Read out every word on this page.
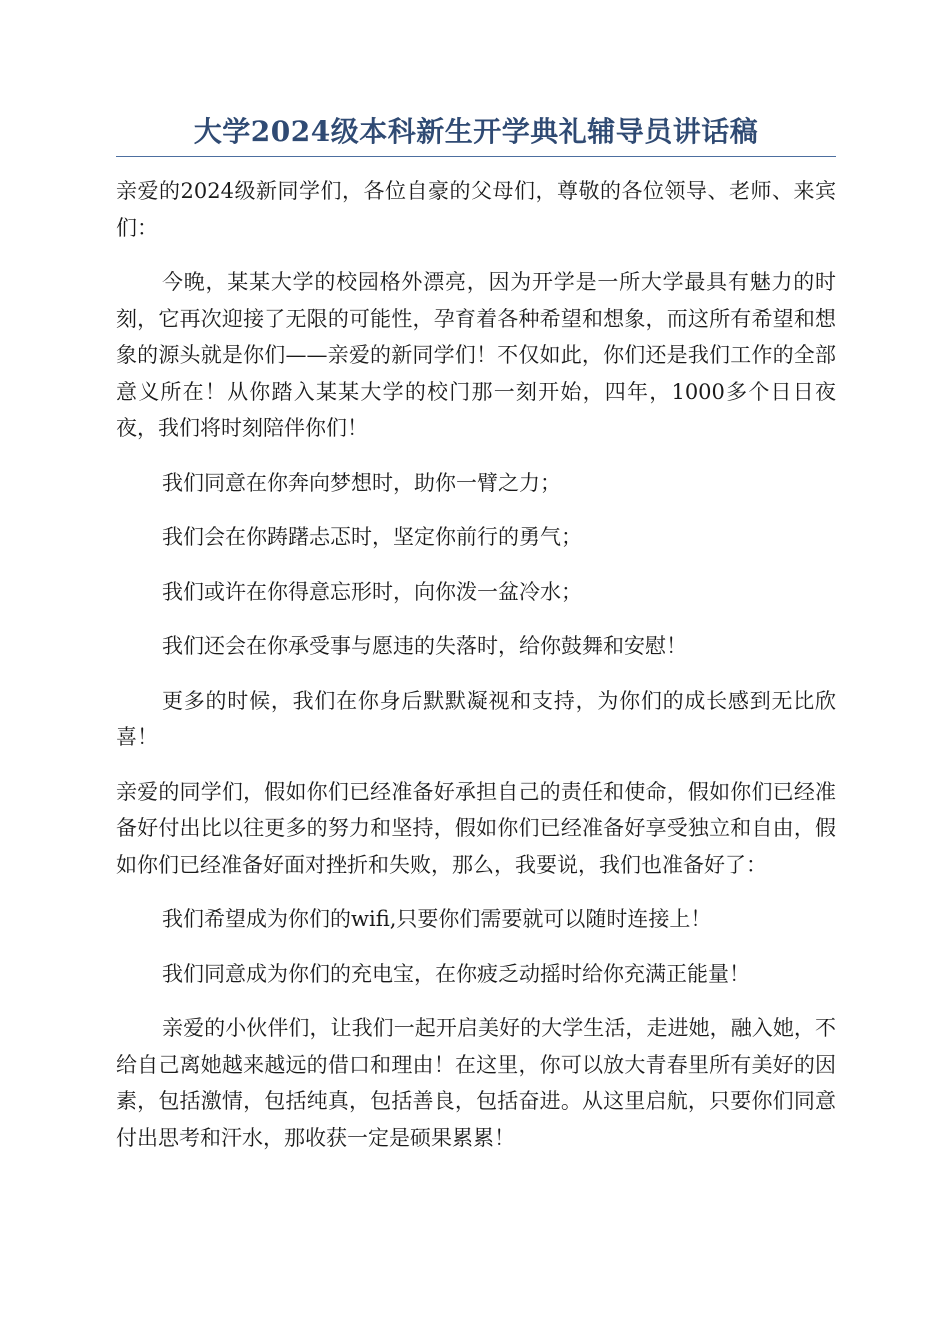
大学2024级本科新生开学典礼辅导员讲话稿

亲爱的2024级新同学们，各位自豪的父母们，尊敬的各位领导、老师、来宾们：

今晚，某某大学的校园格外漂亮，因为开学是一所大学最具有魅力的时刻，它再次迎接了无限的可能性，孕育着各种希望和想象，而这所有希望和想象的源头就是你们——亲爱的新同学们！不仅如此，你们还是我们工作的全部意义所在！从你踏入某某大学的校门那一刻开始，四年，1000多个日日夜夜，我们将时刻陪伴你们！

我们同意在你奔向梦想时，助你一臂之力；

我们会在你踌躇忐忑时，坚定你前行的勇气；

我们或许在你得意忘形时，向你泼一盆冷水；

我们还会在你承受事与愿违的失落时，给你鼓舞和安慰！

更多的时候，我们在你身后默默凝视和支持，为你们的成长感到无比欣喜！

亲爱的同学们，假如你们已经准备好承担自己的责任和使命，假如你们已经准备好付出比以往更多的努力和坚持，假如你们已经准备好享受独立和自由，假如你们已经准备好面对挫折和失败，那么，我要说，我们也准备好了：

我们希望成为你们的wifi,只要你们需要就可以随时连接上！

我们同意成为你们的充电宝，在你疲乏动摇时给你充满正能量！

亲爱的小伙伴们，让我们一起开启美好的大学生活，走进她，融入她，不给自己离她越来越远的借口和理由！在这里，你可以放大青春里所有美好的因素，包括激情，包括纯真，包括善良，包括奋进。从这里启航，只要你们同意付出思考和汗水，那收获一定是硕果累累！
